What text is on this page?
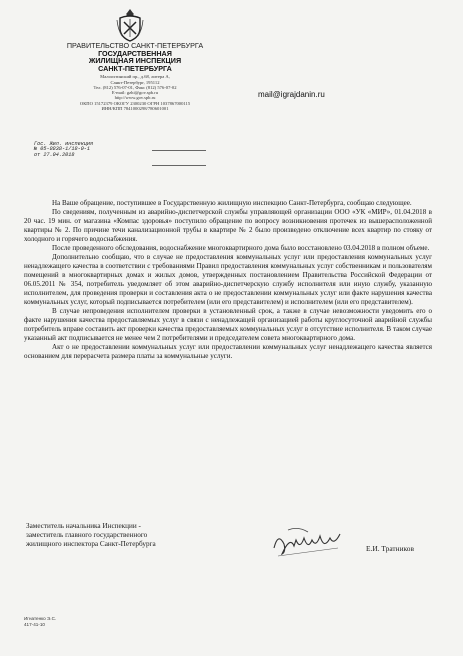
ПРАВИТЕЛЬСТВО САНКТ-ПЕТЕРБУРГА
ГОСУДАРСТВЕННАЯ
ЖИЛИЩНАЯ ИНСПЕКЦИЯ
САНКТ-ПЕТЕРБУРГА
Малоохтинский пр., д.68, литера А,
Санкт-Петербург, 195112
Тел. (812) 576-07-01, Факс (812) 576-07-02
E-mail: gzhi@gov.spb.ru
http://www.gov.spb.ru
ОКПО 15172379 ОКОГУ 2300230 ОГРН 1037867000115
ИНН/КПП 7841000298/780601001
mail@igrajdanin.ru
Гос. Жил. инспекция
№ 05-8838-1/18-0-1
от 27.04.2018

На Ваше обращение, поступившее в Государственную жилищную инспекцию Санкт-Петербурга, сообщаю следующее.

По сведениям, полученным из аварийно-диспетчерской службы управляющей организации ООО «УК «МИР», 01.04.2018 в 20 час. 19 мин. от магазина «Компас здоровья» поступило обращение по вопросу возникновения протечек из вышерасположенной квартиры № 2. По причине течи канализационной трубы в квартире № 2 было произведено отключение всех квартир по стояку от холодного и горячего водоснабжения.

После проведенного обследования, водоснабжение многоквартирного дома было восстановлено 03.04.2018 в полном объеме.

Дополнительно сообщаю, что в случае не предоставления коммунальных услуг или предоставления коммунальных услуг ненадлежащего качества в соответствии с требованиями Правил предоставления коммунальных услуг собственникам и пользователям помещений в многоквартирных домах и жилых домов, утвержденных постановлением Правительства Российской Федерации от 06.05.2011 № 354, потребитель уведомляет об этом аварийно-диспетчерскую службу исполнителя или иную службу, указанную исполнителем, для проведения проверки и составления акта о не предоставлении коммунальных услуг или факте нарушения качества коммунальных услуг, который подписывается потребителем (или его представителем) и исполнителем (или его представителем).

В случае непроведения исполнителем проверки в установленный срок, а также в случае невозможности уведомить его о факте нарушения качества предоставляемых услуг в связи с ненадлежащей организацией работы круглосуточной аварийной службы потребитель вправе составить акт проверки качества предоставляемых коммунальных услуг в отсутствие исполнителя. В таком случае указанный акт подписывается не менее чем 2 потребителями и председателем совета многоквартирного дома.

Акт о не предоставлении коммунальных услуг или предоставлении коммунальных услуг ненадлежащего качества является основанием для перерасчета размера платы за коммунальные услуги.

Заместитель начальника Инспекции -
заместитель главного государственного
жилищного инспектора Санкт-Петербурга	Е.И. Тратников
Игнатенко Э.С.
417-41-10
